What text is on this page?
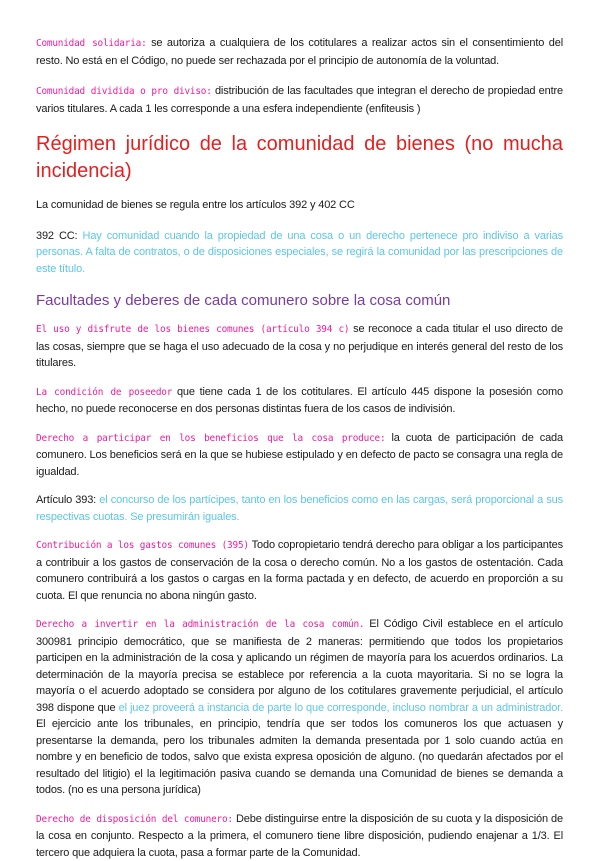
Comunidad solidaria: se autoriza a cualquiera de los cotitulares a realizar actos sin el consentimiento del resto. No está en el Código, no puede ser rechazada por el principio de autonomía de la voluntad.

Comunidad dividida o pro diviso: distribución de las facultades que integran el derecho de propiedad entre varios titulares. A cada 1 les corresponde a una esfera independiente (enfiteusis )

Régimen jurídico de la comunidad de bienes (no mucha incidencia)

La comunidad de bienes se regula entre los artículos 392 y 402 CC

392 CC: Hay comunidad cuando la propiedad de una cosa o un derecho pertenece pro indiviso a varias personas. A falta de contratos, o de disposiciones especiales, se regirá la comunidad por las prescripciones de este título.

Facultades y deberes de cada comunero sobre la cosa común

El uso y disfrute de los bienes comunes (artículo 394 c) se reconoce a cada titular el uso directo de las cosas, siempre que se haga el uso adecuado de la cosa y no perjudique en interés general del resto de los titulares.

La condición de poseedor que tiene cada 1 de los cotitulares. El artículo 445 dispone la posesión como hecho, no puede reconocerse en dos personas distintas fuera de los casos de indivisión.

Derecho a participar en los beneficios que la cosa produce: la cuota de participación de cada comunero. Los beneficios será en la que se hubiese estipulado y en defecto de pacto se consagra una regla de igualdad.

Artículo 393: el concurso de los partícipes, tanto en los beneficios como en las cargas, será proporcional a sus respectivas cuotas. Se presumirán iguales.

Contribución a los gastos comunes (395) Todo copropietario tendrá derecho para obligar a los participantes a contribuir a los gastos de conservación de la cosa o derecho común. No a los gastos de ostentación. Cada comunero contribuirá a los gastos o cargas en la forma pactada y en defecto, de acuerdo en proporción a su cuota. El que renuncia no abona ningún gasto.

Derecho a invertir en la administración de la cosa común. El Código Civil establece en el artículo 300981 principio democrático, que se manifiesta de 2 maneras: permitiendo que todos los propietarios participen en la administración de la cosa y aplicando un régimen de mayoría para los acuerdos ordinarios. La determinación de la mayoría precisa se establece por referencia a la cuota mayoritaria. Si no se logra la mayoría o el acuerdo adoptado se considera por alguno de los cotitulares gravemente perjudicial, el artículo 398 dispone que el juez proveerá a instancia de parte lo que corresponde, incluso nombrar a un administrador. El ejercicio ante los tribunales, en principio, tendría que ser todos los comuneros los que actuasen y presentarse la demanda, pero los tribunales admiten la demanda presentada por 1 solo cuando actúa en nombre y en beneficio de todos, salvo que exista expresa oposición de alguno. (no quedarán afectados por el resultado del litigio) el la legitimación pasiva cuando se demanda una Comunidad de bienes se demanda a todos. (no es una persona jurídica)

Derecho de disposición del comunero: Debe distinguirse entre la disposición de su cuota y la disposición de la cosa en conjunto. Respecto a la primera, el comunero tiene libre disposición, pudiendo enajenar a 1/3. El tercero que adquiera la cuota, pasa a formar parte de la Comunidad.
